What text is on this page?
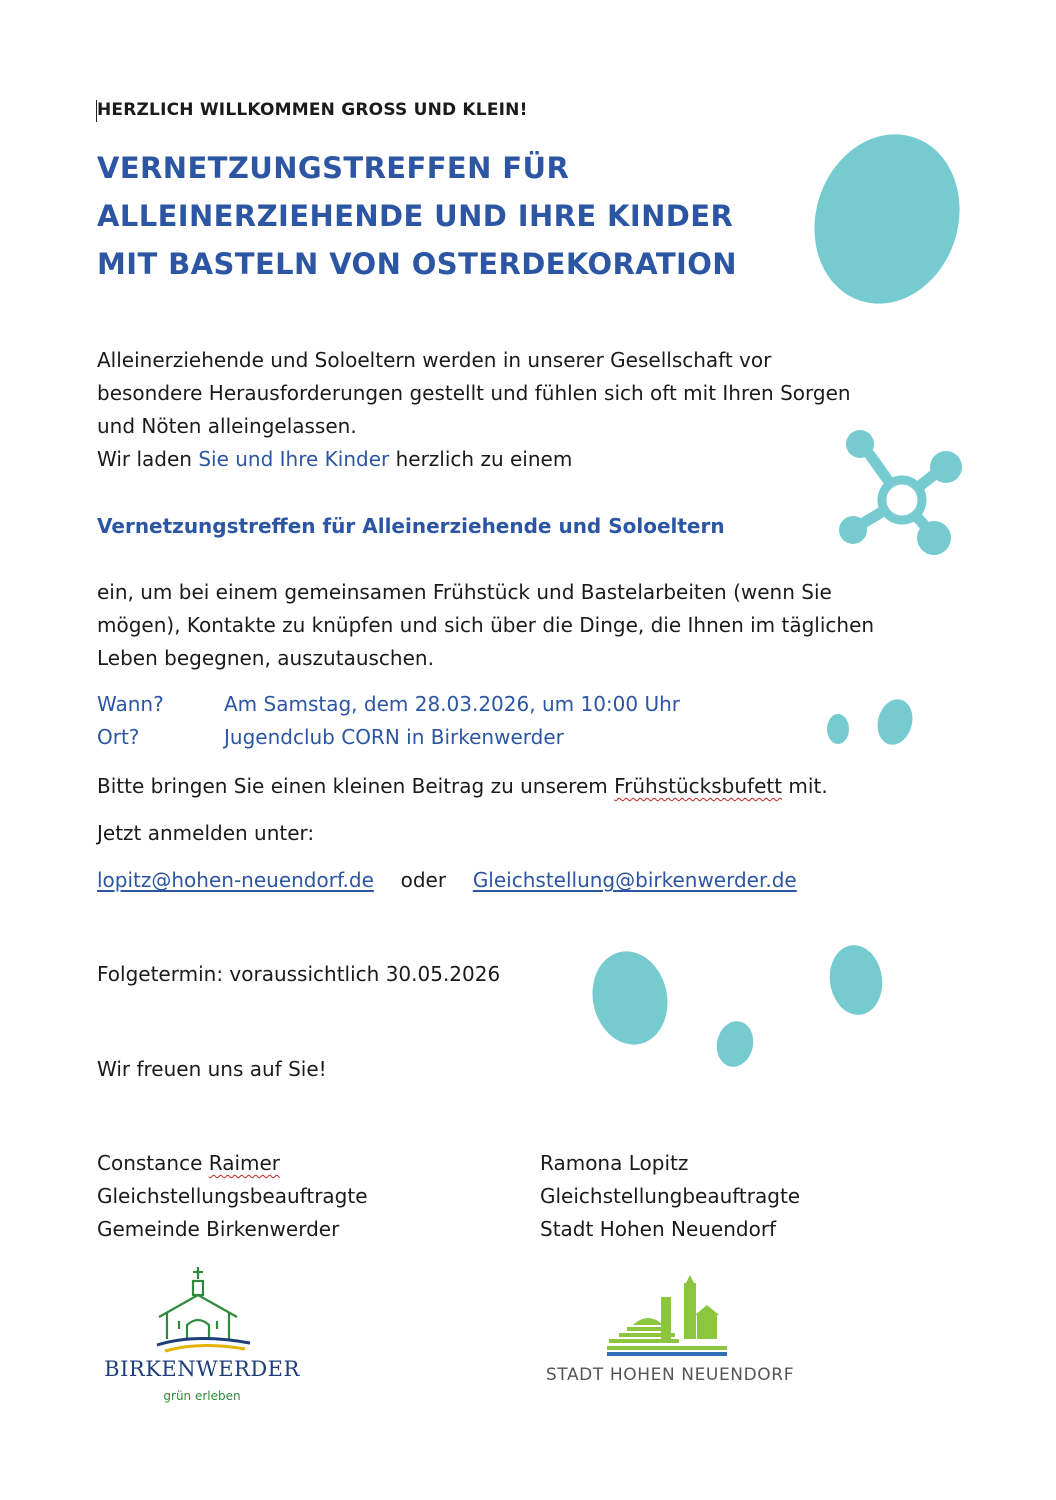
HERZLICH WILLKOMMEN GROSS UND KLEIN!
VERNETZUNGSTREFFEN FÜR
ALLEINERZIEHENDE UND IHRE KINDER
MIT BASTELN VON OSTERDEKORATION
Alleinerziehende und Soloeltern werden in unserer Gesellschaft vor
besondere Herausforderungen gestellt und fühlen sich oft mit Ihren Sorgen
und Nöten alleingelassen.
Wir laden Sie und Ihre Kinder herzlich zu einem
Vernetzungstreffen für Alleinerziehende und Soloeltern
ein, um bei einem gemeinsamen Frühstück und Bastelarbeiten (wenn Sie
mögen), Kontakte zu knüpfen und sich über die Dinge, die Ihnen im täglichen
Leben begegnen, auszutauschen.
Wann?	Am Samstag, dem 28.03.2026, um 10:00 Uhr
Ort?	Jugendclub CORN in Birkenwerder
Bitte bringen Sie einen kleinen Beitrag zu unserem Frühstücksbufett mit.
Jetzt anmelden unter:
lopitz@hohen-neuendorf.de oder Gleichstellung@birkenwerder.de
Folgetermin: voraussichtlich 30.05.2026
Wir freuen uns auf Sie!
Constance Raimer
Gleichstellungsbeauftragte
Gemeinde Birkenwerder
Ramona Lopitz
Gleichstellungbeauftragte
Stadt Hohen Neuendorf
BIRKENWERDER
grün erleben
STADT HOHEN NEUENDORF
